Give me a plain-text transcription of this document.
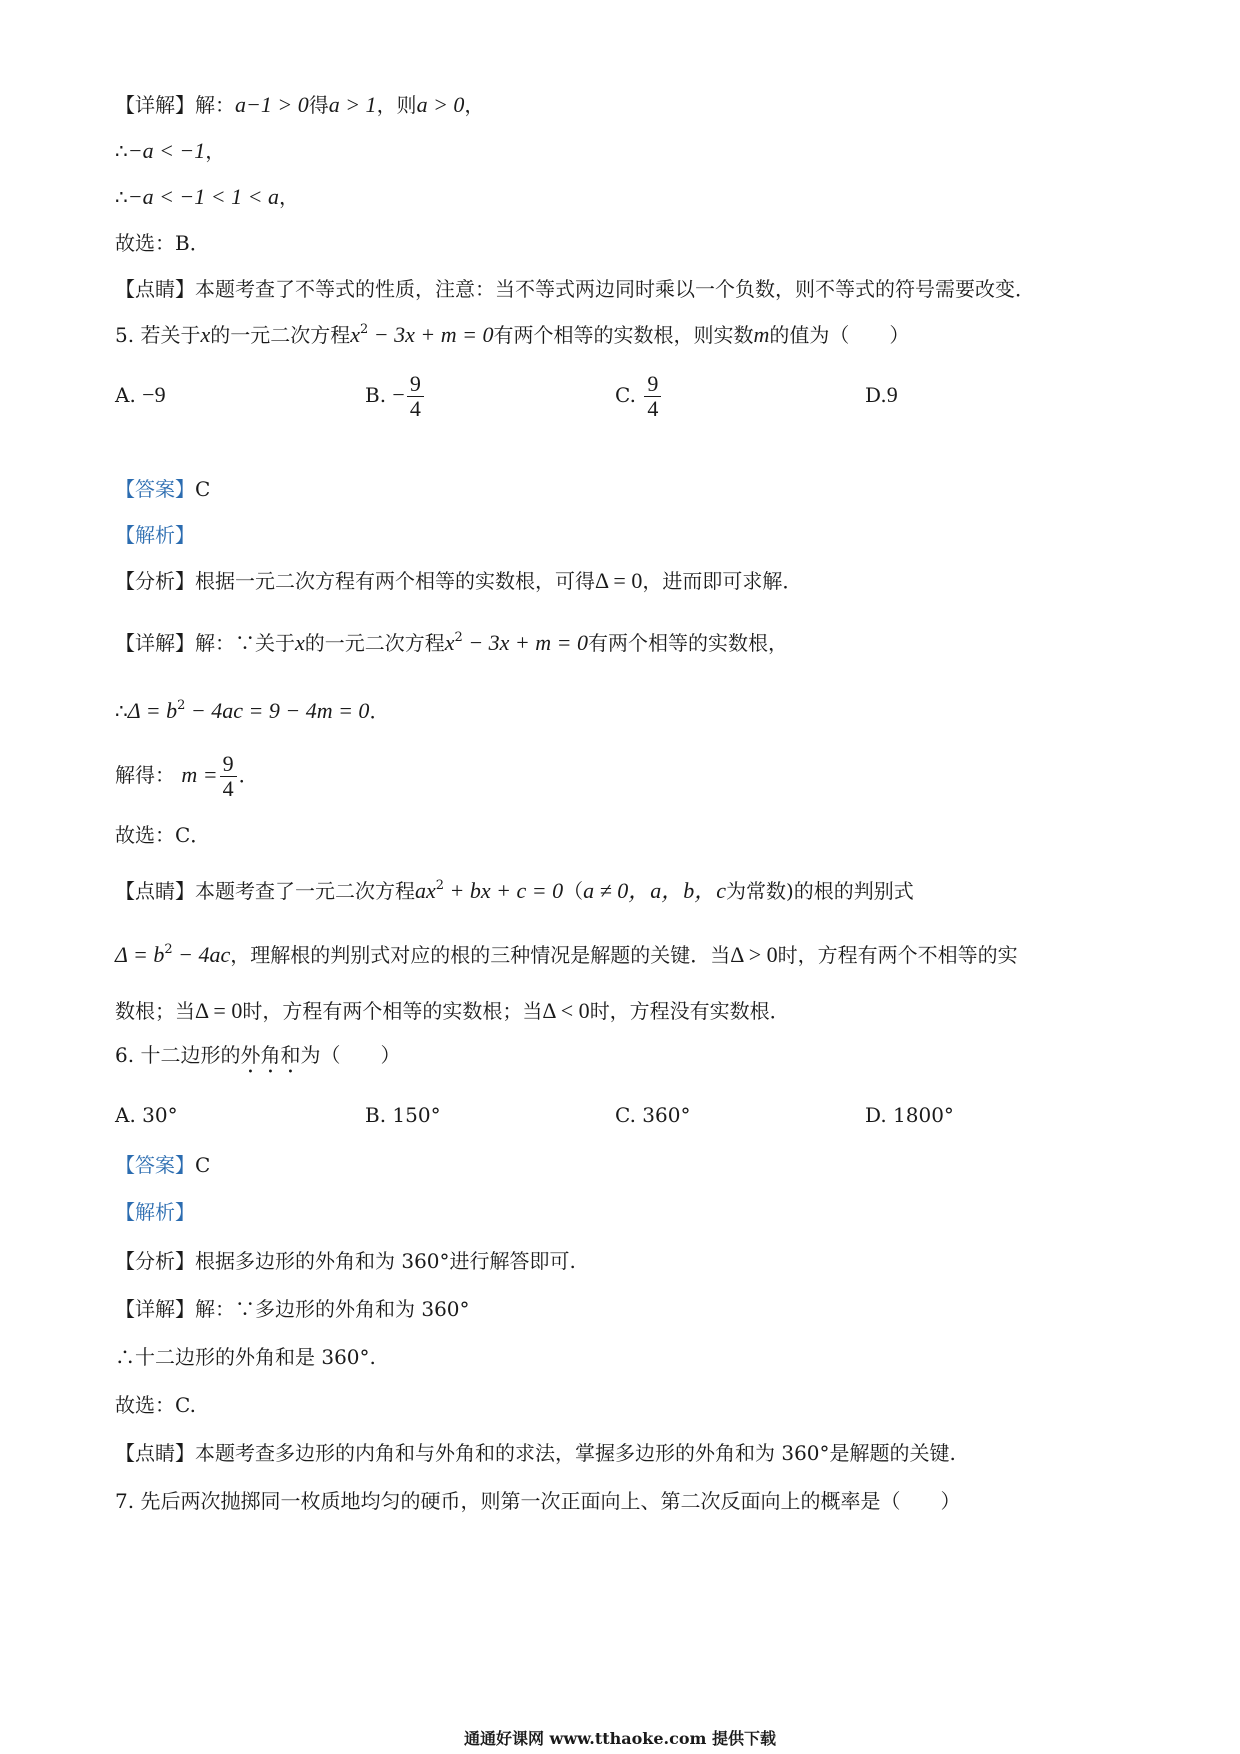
【详解】解：a−1 > 0得a > 1，则a > 0，
∴−a < −1，
∴−a < −1 < 1 < a，
故选：B．
【点睛】本题考查了不等式的性质，注意：当不等式两边同时乘以一个负数，则不等式的符号需要改变．
5. 若关于x的一元二次方程$x^2 - 3x + m = 0$有两个相等的实数根，则实数m的值为（　　）
A. −9	B. − $\frac{9}{4}$	C. $\frac{9}{4}$	D.9
【答案】C
【解析】
【分析】根据一元二次方程有两个相等的实数根，可得Δ = 0，进而即可求解．
【详解】解：∵关于x的一元二次方程$x^2 - 3x + m = 0$有两个相等的实数根，
∴Δ = $b^2 - 4ac = 9 - 4m = 0$．
解得： $m = \frac{9}{4}$ ．
故选：C．
【点睛】本题考查了一元二次方程$ax^2$ + bx + c = 0（a ≠ 0，a，b，c为常数)的根的判别式
$\Delta = b^2 - 4ac$，理解根的判别式对应的根的三种情况是解题的关键．当Δ > 0时，方程有两个不相等的实
数根；当Δ = 0时，方程有两个相等的实数根；当Δ < 0时，方程没有实数根．
6. 十二边形的外角和为（　　）
A. 30°	B. 150°	C. 360°	D. 1800°
【答案】C
【解析】
【分析】根据多边形的外角和为 360°进行解答即可.
【详解】解：∵多边形的外角和为 360°
∴十二边形的外角和是 360°.
故选：C.
【点睛】本题考查多边形的内角和与外角和的求法，掌握多边形的外角和为 360°是解题的关键.
7. 先后两次抛掷同一枚质地均匀的硬币，则第一次正面向上、第二次反面向上的概率是（　　）
通通好课网 www.tthaoke.com 提供下载
